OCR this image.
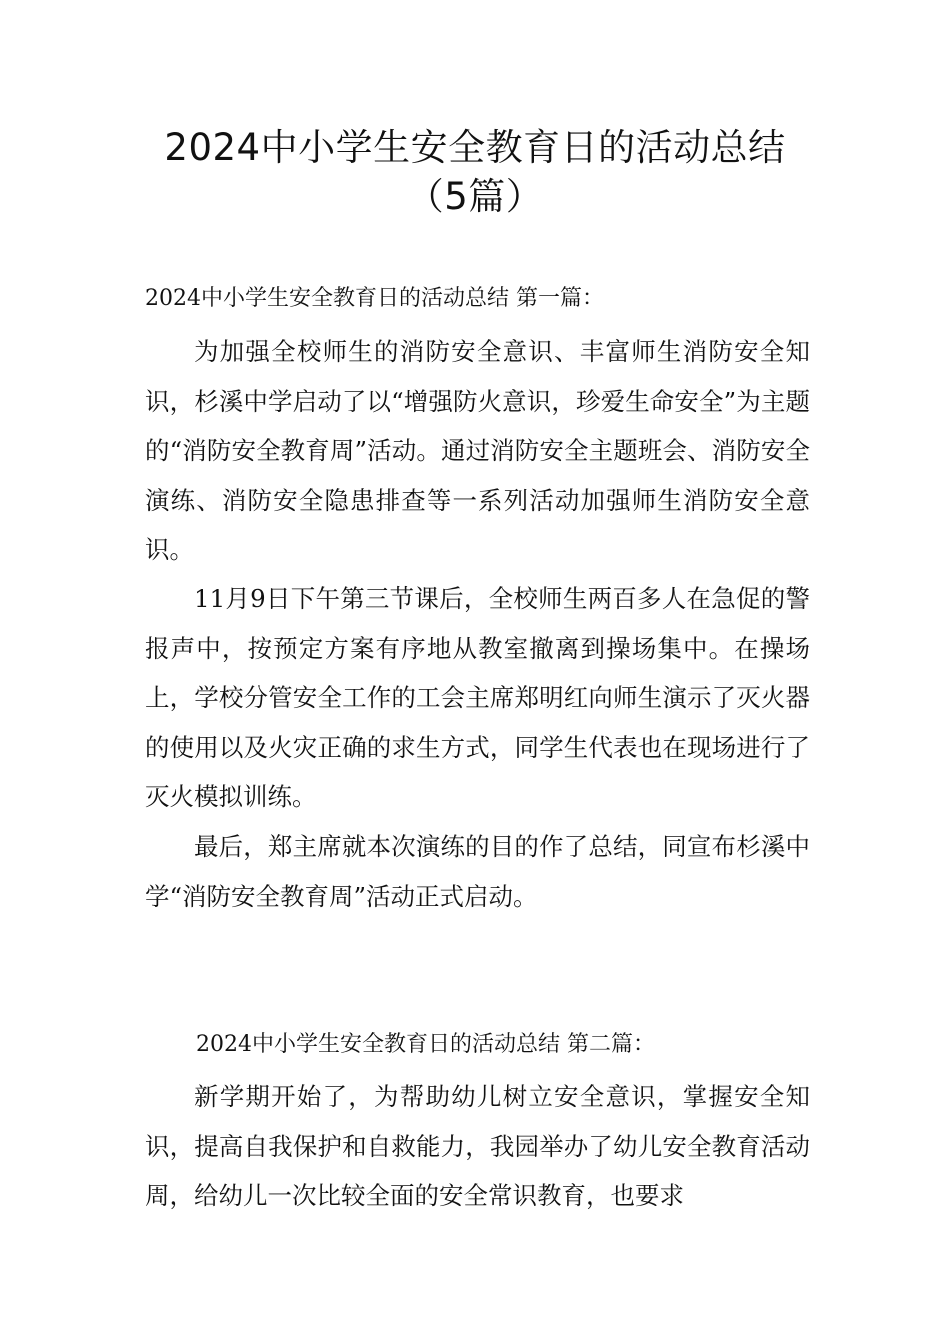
2024中小学生安全教育日的活动总结
（5篇）

2024中小学生安全教育日的活动总结 第一篇：

为加强全校师生的消防安全意识、丰富师生消防安全知识，杉溪中学启动了以“增强防火意识，珍爱生命安全”为主题的“消防安全教育周”活动。通过消防安全主题班会、消防安全演练、消防安全隐患排查等一系列活动加强师生消防安全意识。

11月9日下午第三节课后，全校师生两百多人在急促的警报声中，按预定方案有序地从教室撤离到操场集中。在操场上，学校分管安全工作的工会主席郑明红向师生演示了灭火器的使用以及火灾正确的求生方式，同学生代表也在现场进行了灭火模拟训练。

最后，郑主席就本次演练的目的作了总结，同宣布杉溪中学“消防安全教育周”活动正式启动。

2024中小学生安全教育日的活动总结 第二篇：

新学期开始了，为帮助幼儿树立安全意识，掌握安全知识，提高自我保护和自救能力，我园举办了幼儿安全教育活动周，给幼儿一次比较全面的安全常识教育，也要求
